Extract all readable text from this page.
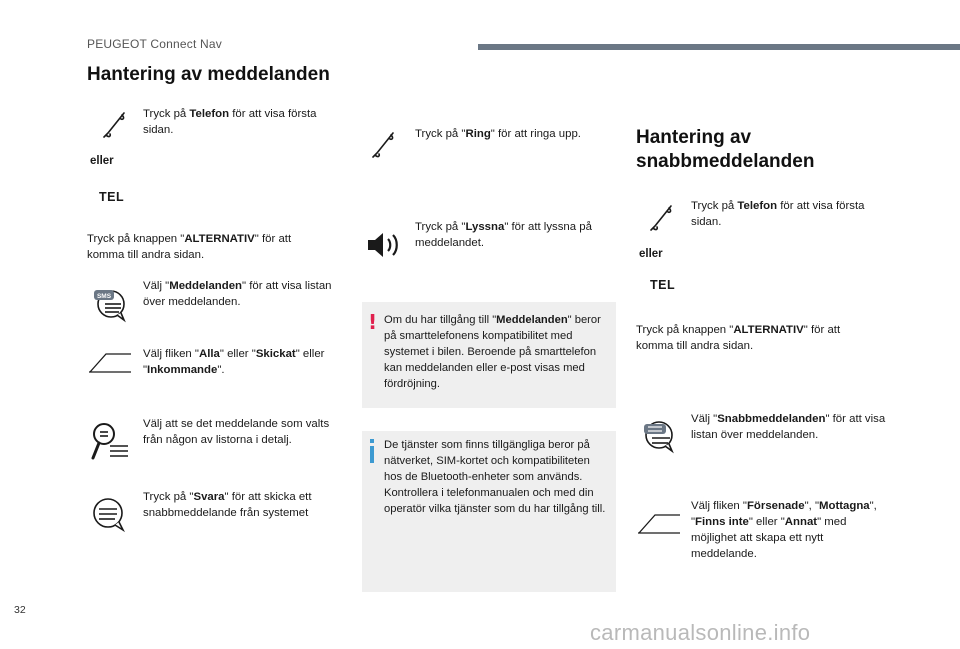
PEUGEOT Connect Nav
Hantering av meddelanden
Tryck på Telefon för att visa första sidan.
eller
TEL
Tryck på knappen "ALTERNATIV" för att komma till andra sidan.
SMS
Välj "Meddelanden" för att visa listan över meddelanden.
Välj fliken "Alla" eller "Skickat" eller "Inkommande".
Välj att se det meddelande som valts från någon av listorna i detalj.
Tryck på "Svara" för att skicka ett snabbmeddelande från systemet
Tryck på "Ring" för att ringa upp.
Tryck på "Lyssna" för att lyssna på meddelandet.
! Om du har tillgång till "Meddelanden" beror på smarttelefonens kompatibilitet med systemet i bilen. Beroende på smarttelefon kan meddelanden eller e-post visas med fördröjning.
De tjänster som finns tillgängliga beror på nätverket, SIM-kortet och kompatibiliteten hos de Bluetooth-enheter som används. Kontrollera i telefonmanualen och med din operatör vilka tjänster som du har tillgång till.
Hantering av
snabbmeddelanden
Tryck på Telefon för att visa första sidan.
eller
TEL
Tryck på knappen "ALTERNATIV" för att komma till andra sidan.
Välj "Snabbmeddelanden" för att visa listan över meddelanden.
Välj fliken "Försenade", "Mottagna", "Finns inte" eller "Annat" med möjlighet att skapa ett nytt meddelande.
32
carmanualsonline.info
